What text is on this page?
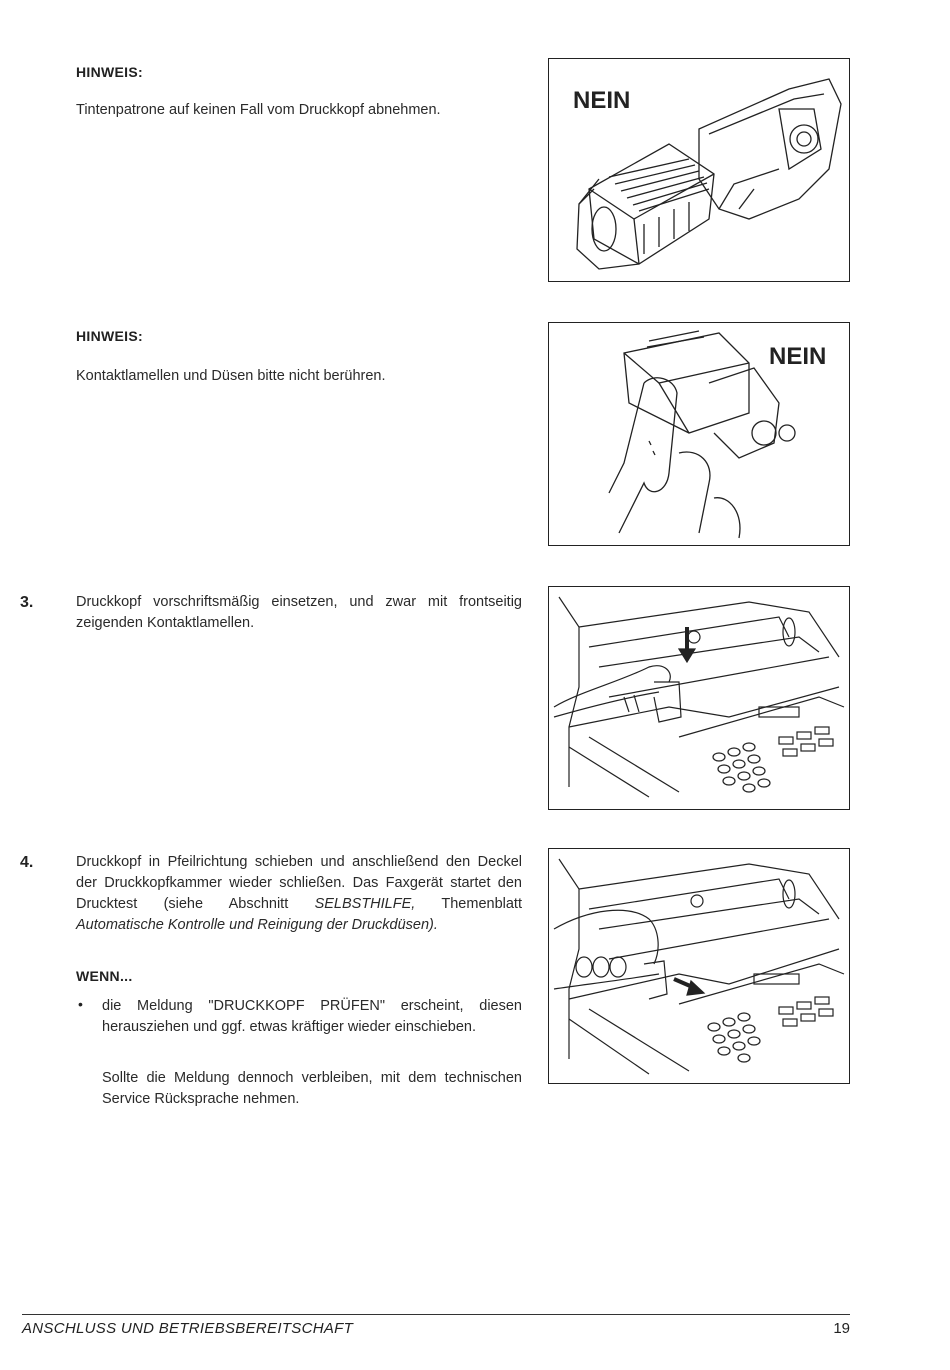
HINWEIS:
Tintenpatrone auf keinen Fall vom Druckkopf abnehmen.	NEIN
HINWEIS:
Kontaktlamellen und Düsen bitte nicht berühren.
NEIN
3.	Druckkopf vorschriftsmäßig einsetzen, und zwar mit frontseitig zeigenden Kontaktlamellen.
4.	Druckkopf in Pfeilrichtung schieben und anschließend den Deckel der Druckkopfkammer wieder schließen. Das Faxgerät startet den Drucktest (siehe Abschnitt SELBSTHILFE, Themenblatt Automatische Kontrolle und Reinigung der Druckdüsen).
WENN...
• die Meldung "DRUCKKOPF PRÜFEN" erscheint, diesen herausziehen und ggf. etwas kräftiger wieder einschieben.
Sollte die Meldung dennoch verbleiben, mit dem technischen Service Rücksprache nehmen.
ANSCHLUSS UND BETRIEBSBEREITSCHAFT	19
